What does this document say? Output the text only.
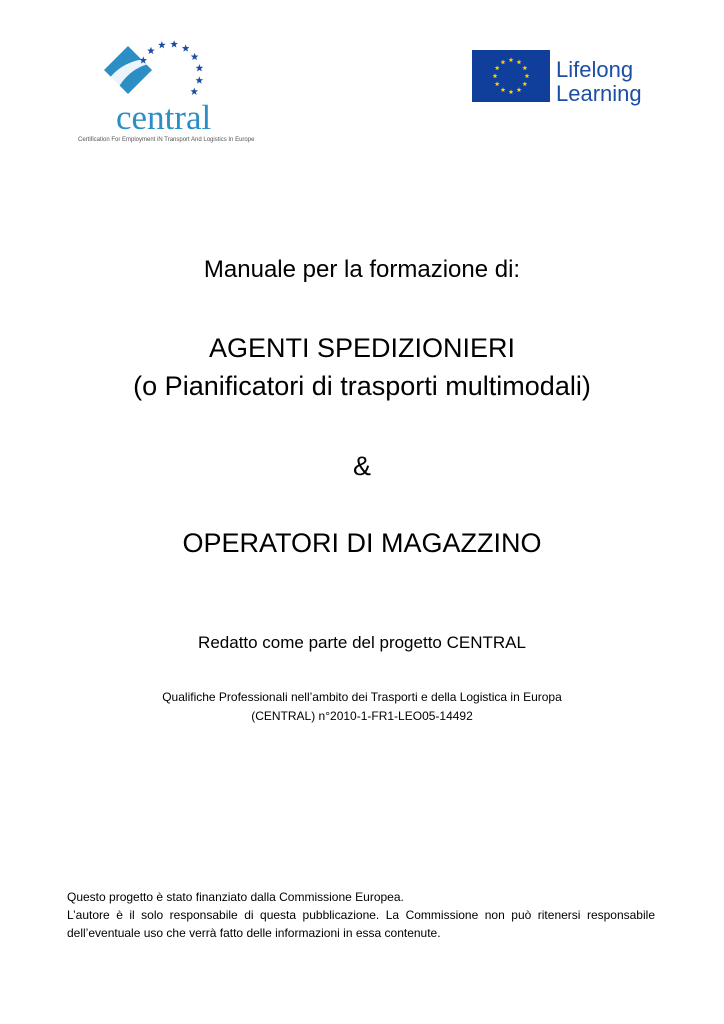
central
Certification For Employment iN Transport And Logistics In Europe
Lifelong
Learning
Manuale per la formazione di:
AGENTI SPEDIZIONIERI
(o Pianificatori di trasporti multimodali)
&
OPERATORI DI MAGAZZINO
Redatto come parte del progetto CENTRAL
Qualifiche Professionali nell’ambito dei Trasporti e della Logistica in Europa
(CENTRAL) n°2010-1-FR1-LEO05-14492
Questo progetto è stato finanziato dalla Commissione Europea.
L’autore è il solo responsabile di questa pubblicazione. La Commissione non può ritenersi responsabile dell’eventuale uso che verrà fatto delle informazioni in essa contenute.
